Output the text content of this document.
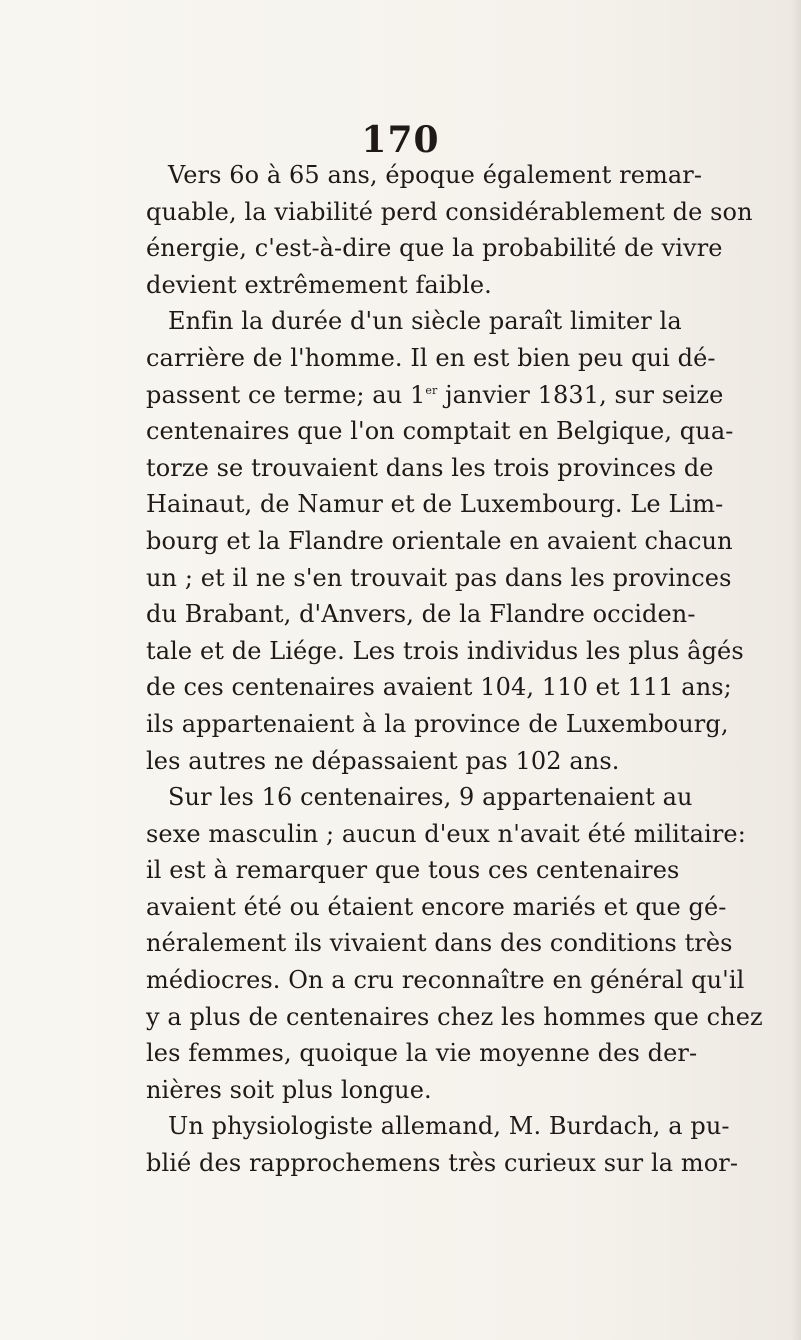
170
Vers 6o à 65 ans, époque également remar-
quable, la viabilité perd considérablement de son
énergie, c'est-à-dire que la probabilité de vivre
devient extrêmement faible.
Enfin la durée d'un siècle paraît limiter la
carrière de l'homme. Il en est bien peu qui dé-
passent ce terme; au 1er janvier 1831, sur seize
centenaires que l'on comptait en Belgique, qua-
torze se trouvaient dans les trois provinces de
Hainaut, de Namur et de Luxembourg. Le Lim-
bourg et la Flandre orientale en avaient chacun
un ; et il ne s'en trouvait pas dans les provinces
du Brabant, d'Anvers, de la Flandre occiden-
tale et de Liége. Les trois individus les plus âgés
de ces centenaires avaient 104, 110 et 111 ans;
ils appartenaient à la province de Luxembourg,
les autres ne dépassaient pas 102 ans.
Sur les 16 centenaires, 9 appartenaient au
sexe masculin ; aucun d'eux n'avait été militaire:
il est à remarquer que tous ces centenaires
avaient été ou étaient encore mariés et que gé-
néralement ils vivaient dans des conditions très
médiocres. On a cru reconnaître en général qu'il
y a plus de centenaires chez les hommes que chez
les femmes, quoique la vie moyenne des der-
nières soit plus longue.
Un physiologiste allemand, M. Burdach, a pu-
blié des rapprochemens très curieux sur la mor-
